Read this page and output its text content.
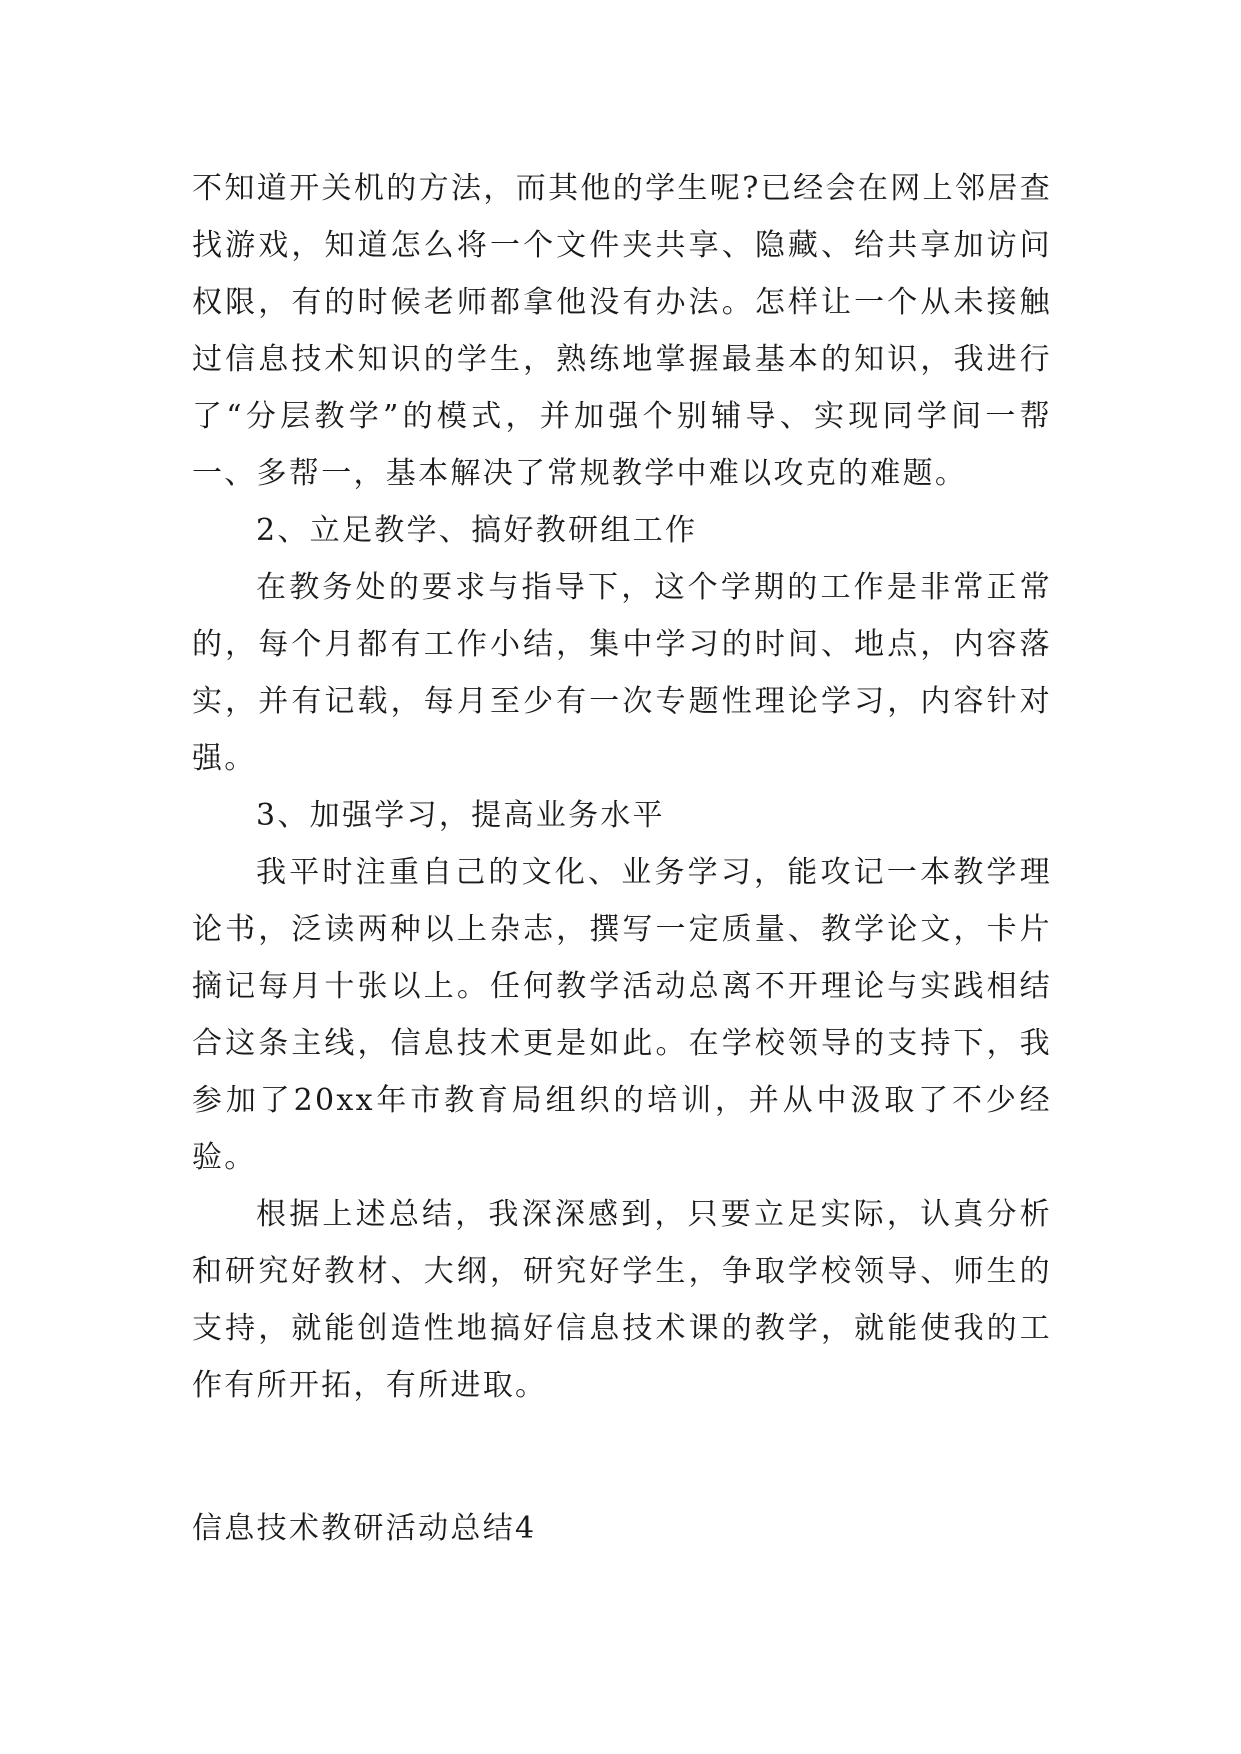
不知道开关机的方法，而其他的学生呢?已经会在网上邻居查找游戏，知道怎么将一个文件夹共享、隐藏、给共享加访问权限，有的时候老师都拿他没有办法。怎样让一个从未接触过信息技术知识的学生，熟练地掌握最基本的知识，我进行了“分层教学”的模式，并加强个别辅导、实现同学间一帮一、多帮一，基本解决了常规教学中难以攻克的难题。

2、立足教学、搞好教研组工作

在教务处的要求与指导下，这个学期的工作是非常正常的，每个月都有工作小结，集中学习的时间、地点，内容落实，并有记载，每月至少有一次专题性理论学习，内容针对强。

3、加强学习，提高业务水平

我平时注重自己的文化、业务学习，能攻记一本教学理论书，泛读两种以上杂志，撰写一定质量、教学论文，卡片摘记每月十张以上。任何教学活动总离不开理论与实践相结合这条主线，信息技术更是如此。在学校领导的支持下，我参加了20xx年市教育局组织的培训，并从中汲取了不少经验。

根据上述总结，我深深感到，只要立足实际，认真分析和研究好教材、大纲，研究好学生，争取学校领导、师生的支持，就能创造性地搞好信息技术课的教学，就能使我的工作有所开拓，有所进取。

信息技术教研活动总结4
